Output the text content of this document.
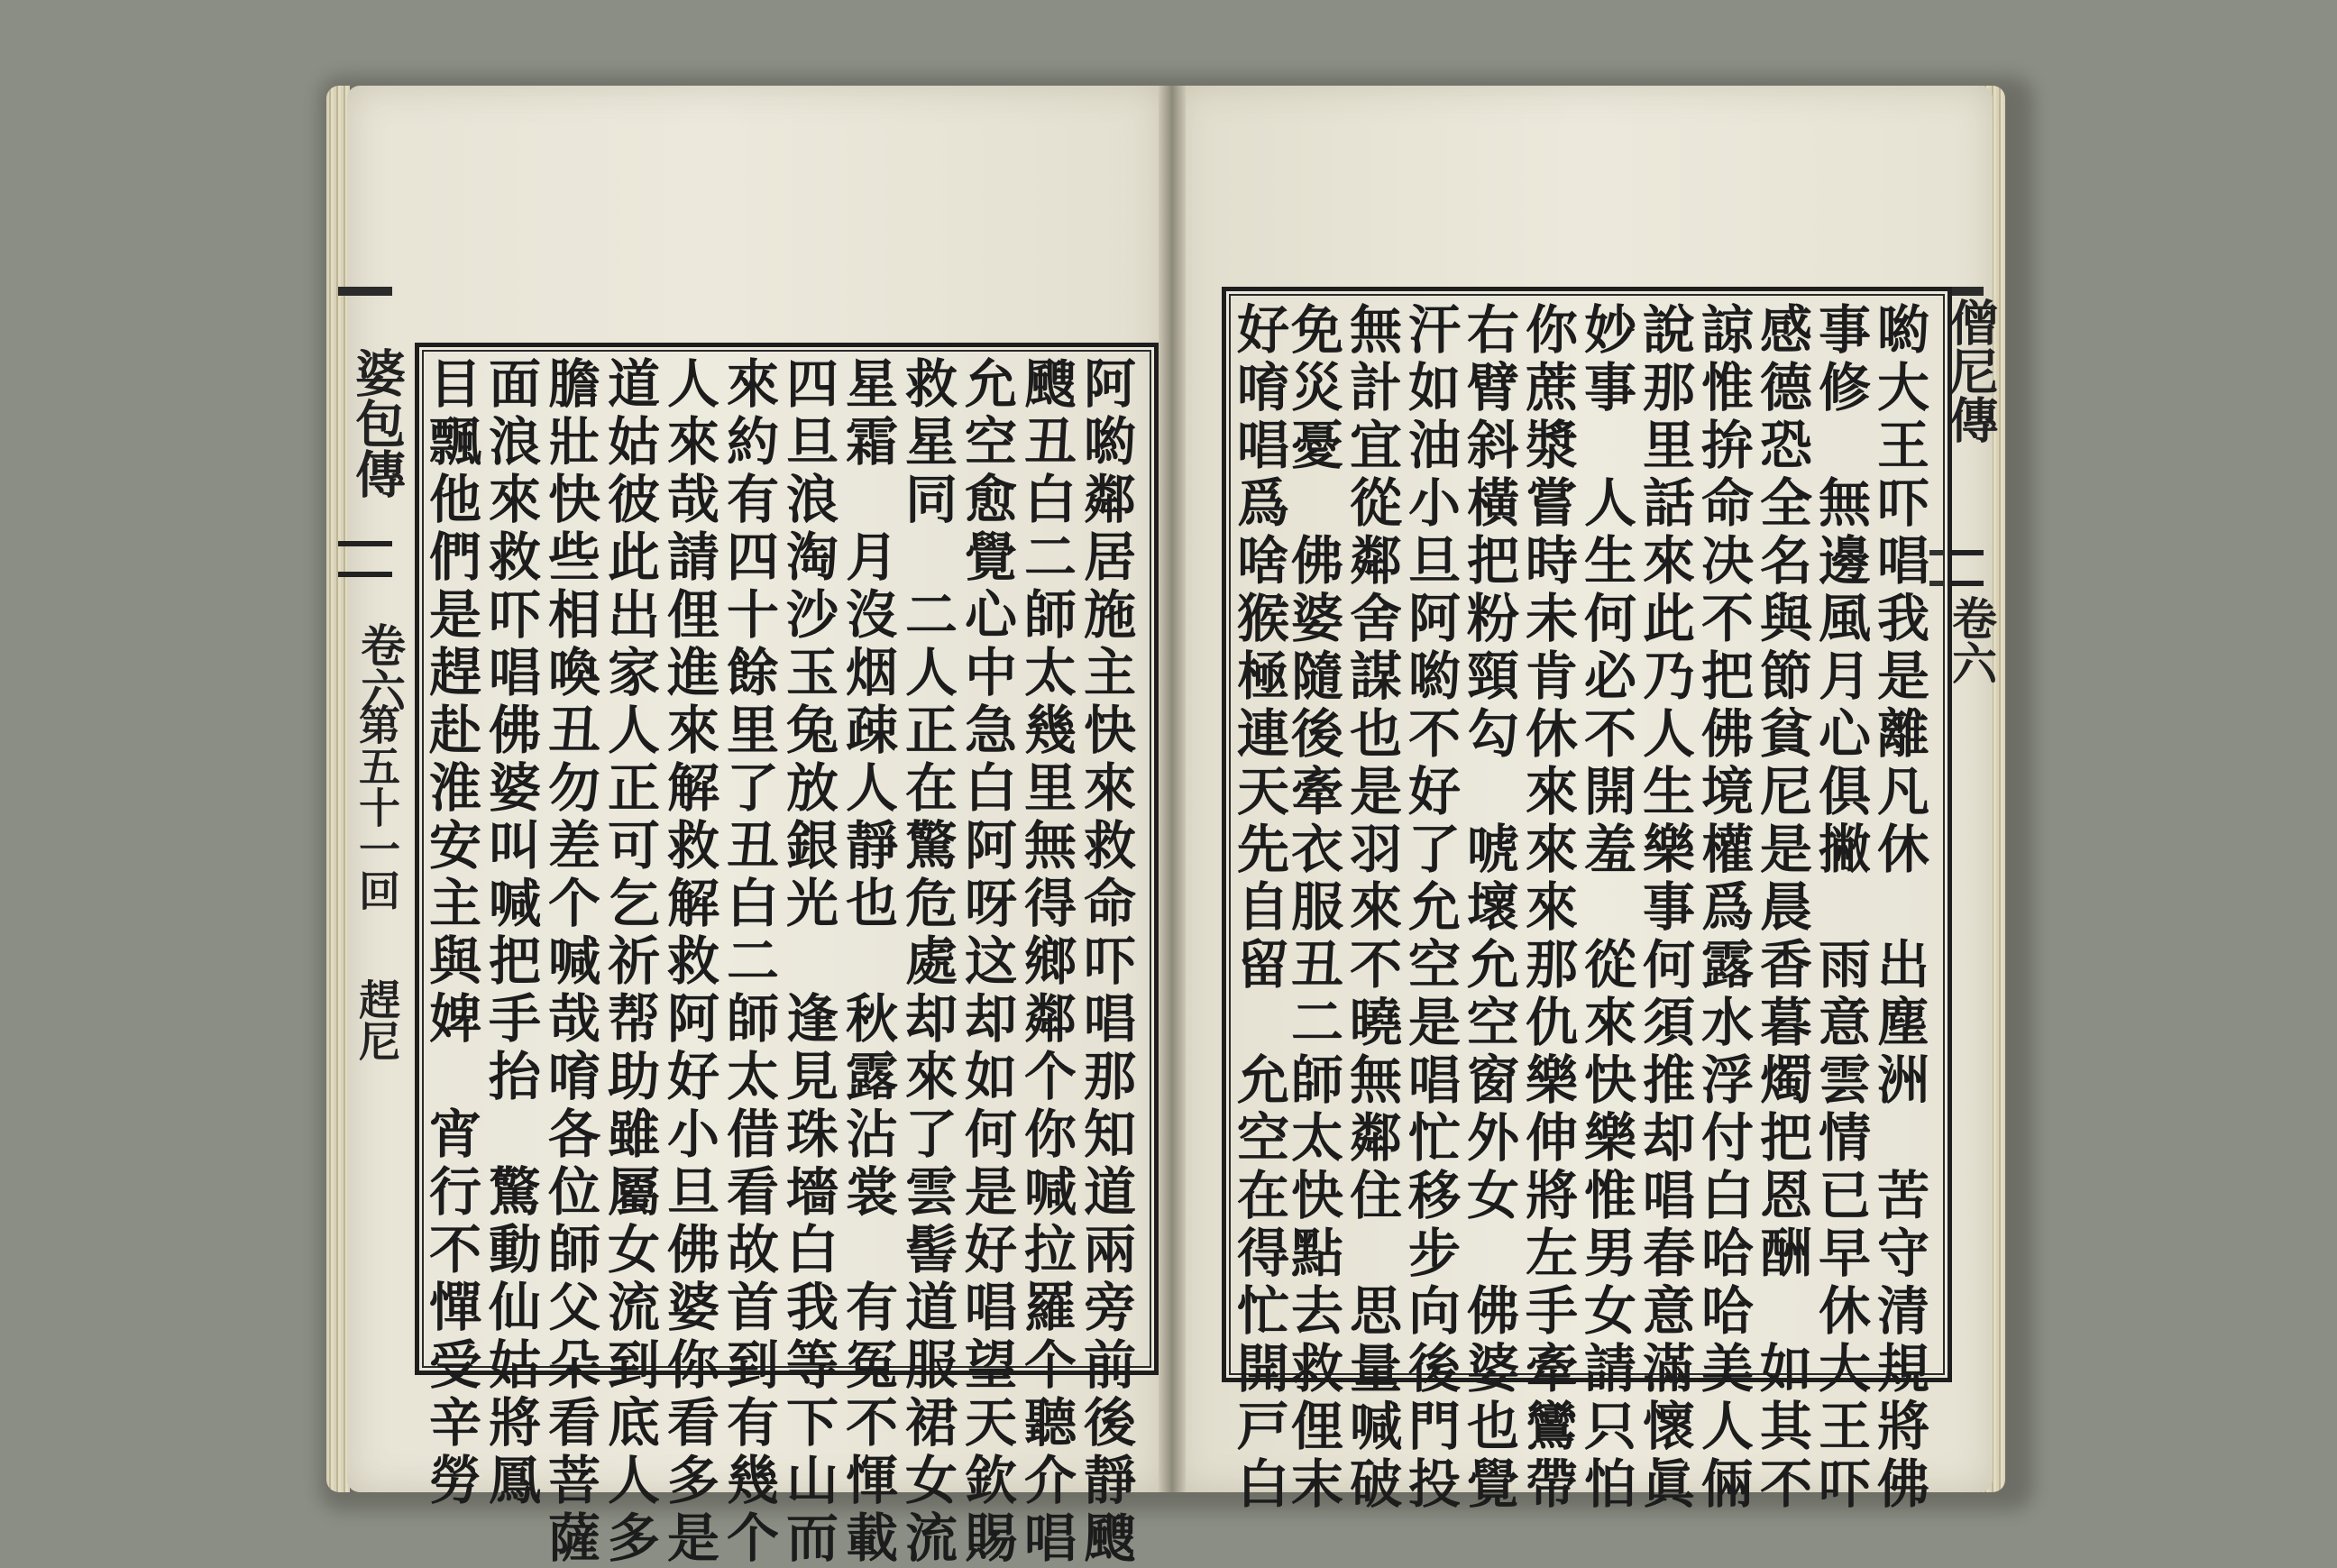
婆包傳
卷六
第五十一回
趕尼
僧尼傳
卷六
阿喲鄰居施主快來救命吓唱那知道兩旁前後靜颼
颼丑白二師太幾里無得鄉鄰个你喊拉羅个聽介唱
允空愈覺心中急白阿呀这却如何是好唱望天欽賜
救星同　二人正在驚危處却來了雲髻道服裙女流
星霜　月沒烟疎人靜也　秋露沾裳　有冤不惲載
四旦浪淘沙玉兔放銀光　逢見珠墻白我等下山而
來約有四十餘里了丑白二師太借看故首到有幾个
人來哉請俚進來解救解救阿好小旦佛婆你看多是
道姑彼此出家人正可乞祈帮助雖屬女流到底人多
膽壯快些相喚丑勿差个喊哉唷各位師父朵看菩薩
面浪來救吓唱佛婆叫喊把手抬　驚動仙姑將鳳
目飄他們是趕赴淮安主與婢　宵行不憚受辛勞	喲大王吓唱我是離凡休　出塵洲　苦守清規將佛
事修　無邊風月心俱撇　雨意雲情已早休大王吓
感德恐全名與節貧尼是晨香暮燭把恩酬　如其不
諒惟拚命决不把佛境權爲露水浮付白哈哈美人倆
說那里話來此乃人生樂事何須推却唱春意滿懷眞
妙事　人生何必不開羞　從來快樂惟男女請只怕
你蔗漿嘗時未肯休來來來那仇樂伸將左手牽鸞帶
右臂斜橫把粉頸勾　唬壞允空窗外女　佛婆也覺
汗如油小旦阿喲不好了允空是唱忙移步向後門投
無計宜從鄰舍謀也是羽來不曉無鄰住　思量喊破
免災憂　佛婆隨後牽衣服丑二師太快點去救俚末
好唷唱爲啥猴極連天先自留　允空在得忙開戸白
